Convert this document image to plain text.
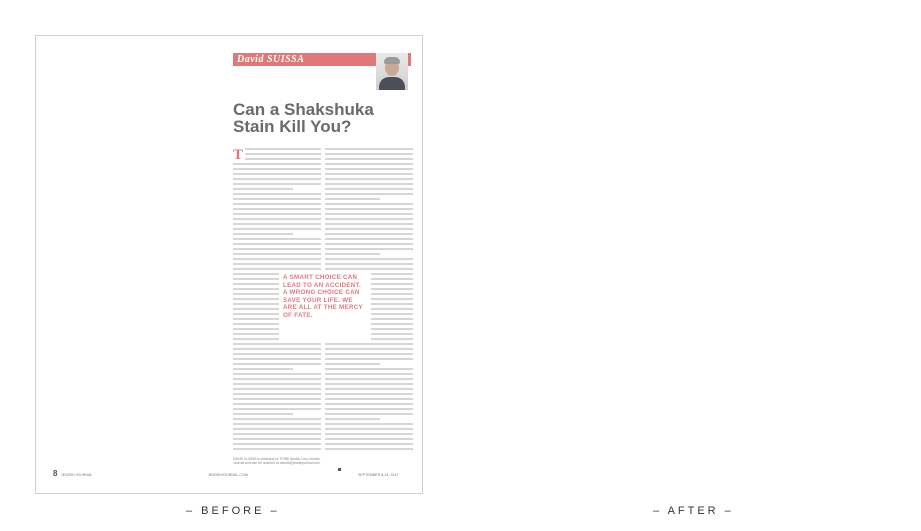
David SUISSA
Can a Shakshuka
Stain Kill You?
T
A SMART CHOICE CAN
LEAD TO AN ACCIDENT.
A WRONG CHOICE CAN
SAVE YOUR LIFE. WE
ARE ALL AT THE MERCY
OF FATE.
DAVID SUISSA is president of TRIBE Media Corp./Jewish Journal and can be reached at davids@jewishjournal.com.
8 JEWISH JOURNAL	JEWISHJOURNAL.COM	SEPTEMBER 8-14, 2017
– BEFORE –	– AFTER –
